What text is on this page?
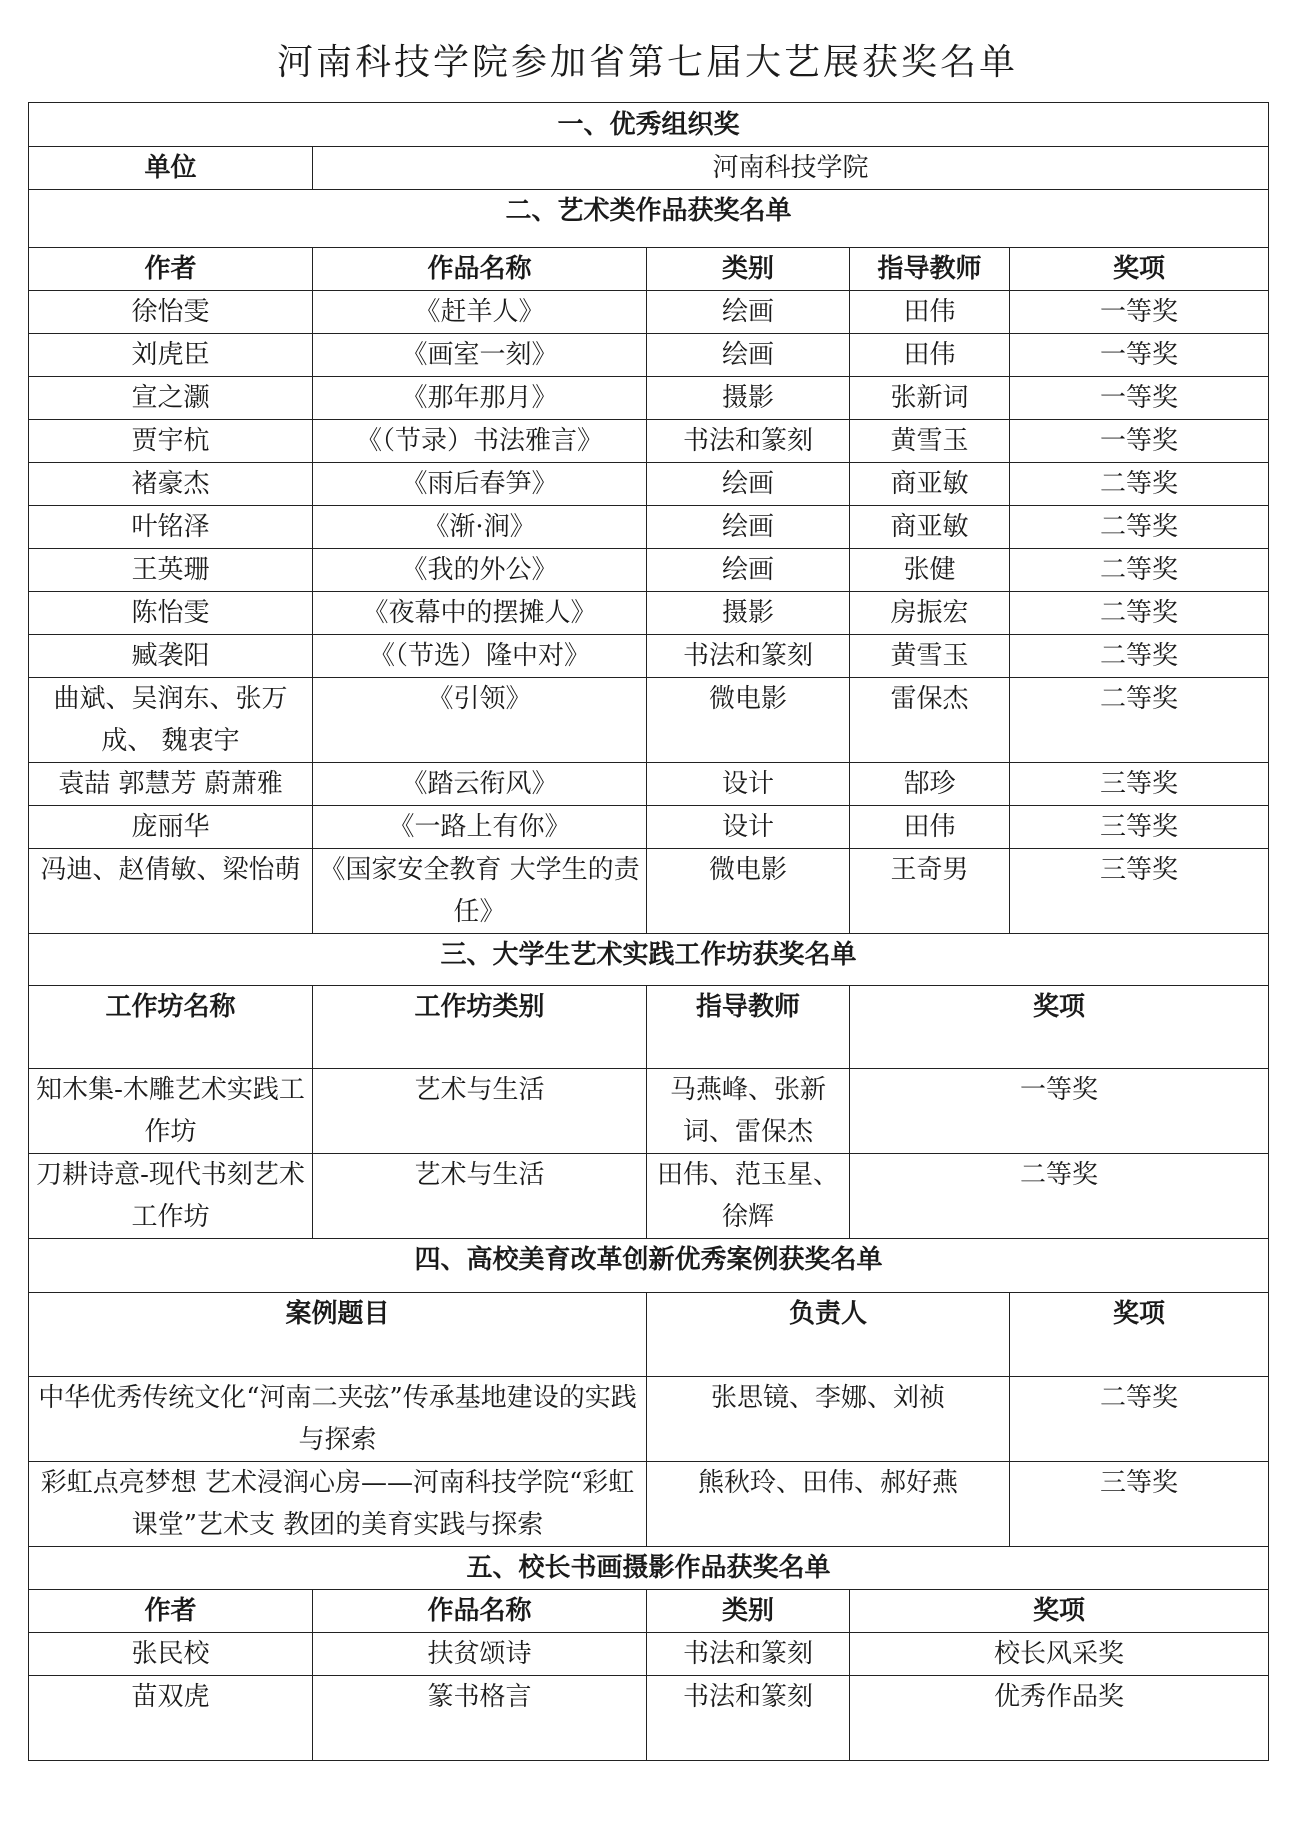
河南科技学院参加省第七届大艺展获奖名单
一、优秀组织奖				
单位	河南科技学院			
二、艺术类作品获奖名单				
作者	作品名称	类别	指导教师	奖项
徐怡雯	《赶羊人》	绘画	田伟	一等奖
刘虎臣	《画室一刻》	绘画	田伟	一等奖
宣之灏	《那年那月》	摄影	张新词	一等奖
贾宇杭	《（节录）书法雅言》	书法和篆刻	黄雪玉	一等奖
褚豪杰	《雨后春笋》	绘画	商亚敏	二等奖
叶铭泽	《渐·涧》	绘画	商亚敏	二等奖
王英珊	《我的外公》	绘画	张健	二等奖
陈怡雯	《夜幕中的摆摊人》	摄影	房振宏	二等奖
臧袭阳	《（节选）隆中对》	书法和篆刻	黄雪玉	二等奖
曲斌、吴润东、张万成、 魏衷宇	《引领》	微电影	雷保杰	二等奖
袁喆 郭慧芳 蔚萧雅	《踏云衔风》	设计	郜珍	三等奖
庞丽华	《一路上有你》	设计	田伟	三等奖
冯迪、赵倩敏、梁怡萌	《国家安全教育 大学生的责任》	微电影	王奇男	三等奖
三、大学生艺术实践工作坊获奖名单				
工作坊名称	工作坊类别	指导教师	奖项	
知木集-木雕艺术实践工作坊	艺术与生活	马燕峰、张新词、雷保杰	一等奖	
刀耕诗意-现代书刻艺术工作坊	艺术与生活	田伟、范玉星、徐辉	二等奖	
四、高校美育改革创新优秀案例获奖名单				
案例题目		负责人		奖项
中华优秀传统文化“河南二夹弦”传承基地建设的实践与探索		张思镜、李娜、刘祯		二等奖
彩虹点亮梦想 艺术浸润心房——河南科技学院“彩虹课堂”艺术支 教团的美育实践与探索		熊秋玲、田伟、郝好燕		三等奖
五、校长书画摄影作品获奖名单				
作者	作品名称	类别	奖项	
张民校	扶贫颂诗	书法和篆刻	校长风采奖	
苗双虎	篆书格言	书法和篆刻	优秀作品奖	
